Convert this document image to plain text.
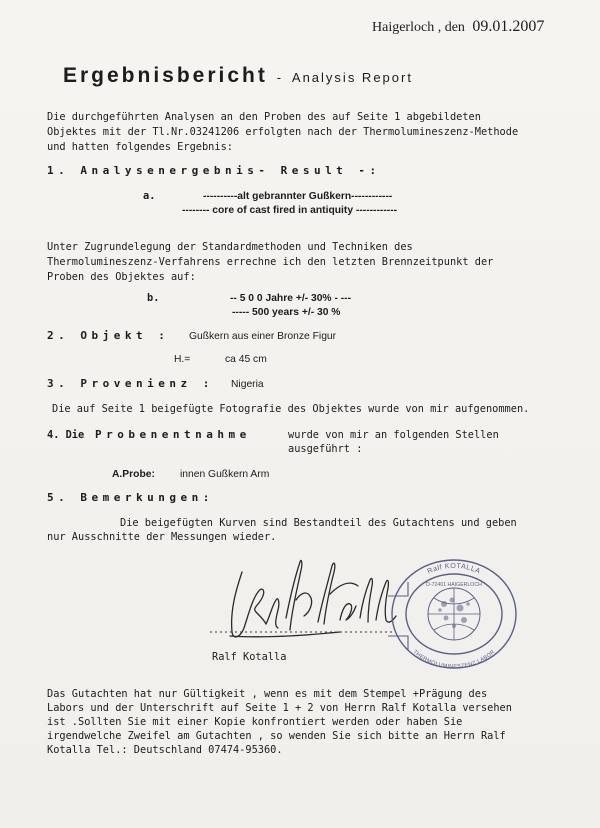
Haigerloch , den 09.01.2007
Ergebnisbericht - Analysis Report
Die durchgeführten Analysen an den Proben des auf Seite 1 abgebildeten
Objektes mit der Tl.Nr.03241206 erfolgten nach der Thermolumineszenz-Methode
und hatten folgendes Ergebnis:
1. Analysenergebnis- Result -:
a.	----------alt gebrannter Gußkern------------
-------- core of cast fired in antiquity ------------
Unter Zugrundelegung der Standardmethoden und Techniken des
Thermolumineszenz-Verfahrens errechne ich den letzten Brennzeitpunkt der
Proben des Objektes auf:
b.	-- 5 0 0 Jahre +/- 30% - ---
----- 500 years +/- 30 %
2. Objekt : Gußkern aus einer Bronze Figur
H.=	ca 45 cm
3. Provenienz : Nigeria
Die auf Seite 1 beigefügte Fotografie des Objektes wurde von mir aufgenommen.
4. Die Probenentnahme	wurde von mir an folgenden Stellen
ausgeführt :
A.Probe: innen Gußkern Arm
5. Bemerkungen:
Die beigefügten Kurven sind Bestandteil des Gutachtens und geben
nur Ausschnitte der Messungen wieder.
Ralf Kotalla
Ralf KOTALLA
THERMOLUMINESZENZ LABOR
D-72401 HAIGERLOCH
Das Gutachten hat nur Gültigkeit , wenn es mit dem Stempel +Prägung des
Labors und der Unterschrift auf Seite 1 + 2 von Herrn Ralf Kotalla versehen
ist .Sollten Sie mit einer Kopie konfrontiert werden oder haben Sie
irgendwelche Zweifel am Gutachten , so wenden Sie sich bitte an Herrn Ralf
Kotalla Tel.: Deutschland 07474-95360.
